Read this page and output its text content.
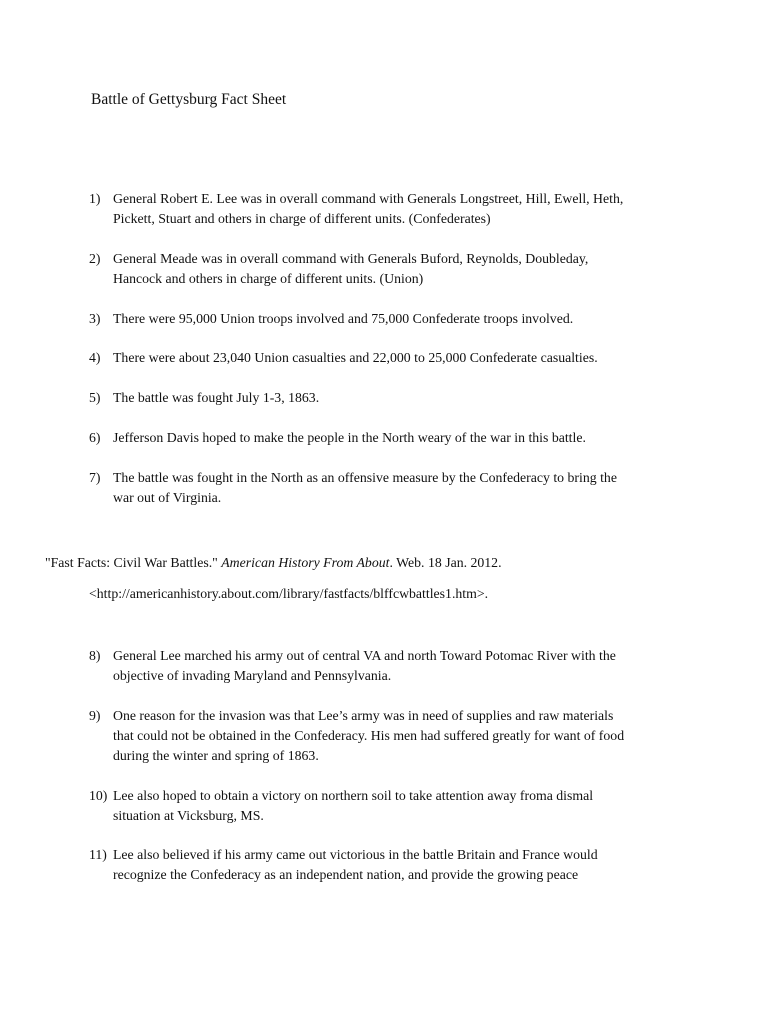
Battle of Gettysburg Fact Sheet
1) General Robert E. Lee was in overall command with Generals Longstreet, Hill, Ewell, Heth,
Pickett, Stuart and others in charge of different units. (Confederates)
2) General Meade was in overall command with Generals Buford, Reynolds, Doubleday,
Hancock and others in charge of different units. (Union)
3) There were 95,000 Union troops involved and 75,000 Confederate troops involved.
4) There were about 23,040 Union casualties and 22,000 to 25,000 Confederate casualties.
5) The battle was fought July 1-3, 1863.
6) Jefferson Davis hoped to make the people in the North weary of the war in this battle.
7) The battle was fought in the North as an offensive measure by the Confederacy to bring the
war out of Virginia.
"Fast Facts: Civil War Battles." American History From About. Web. 18 Jan. 2012.
<http://americanhistory.about.com/library/fastfacts/blffcwbattles1.htm>.
8) General Lee marched his army out of central VA and north Toward Potomac River with the
objective of invading Maryland and Pennsylvania.
9) One reason for the invasion was that Lee’s army was in need of supplies and raw materials
that could not be obtained in the Confederacy. His men had suffered greatly for want of food
during the winter and spring of 1863.
10) Lee also hoped to obtain a victory on northern soil to take attention away froma dismal
situation at Vicksburg, MS.
11) Lee also believed if his army came out victorious in the battle Britain and France would
recognize the Confederacy as an independent nation, and provide the growing peace
